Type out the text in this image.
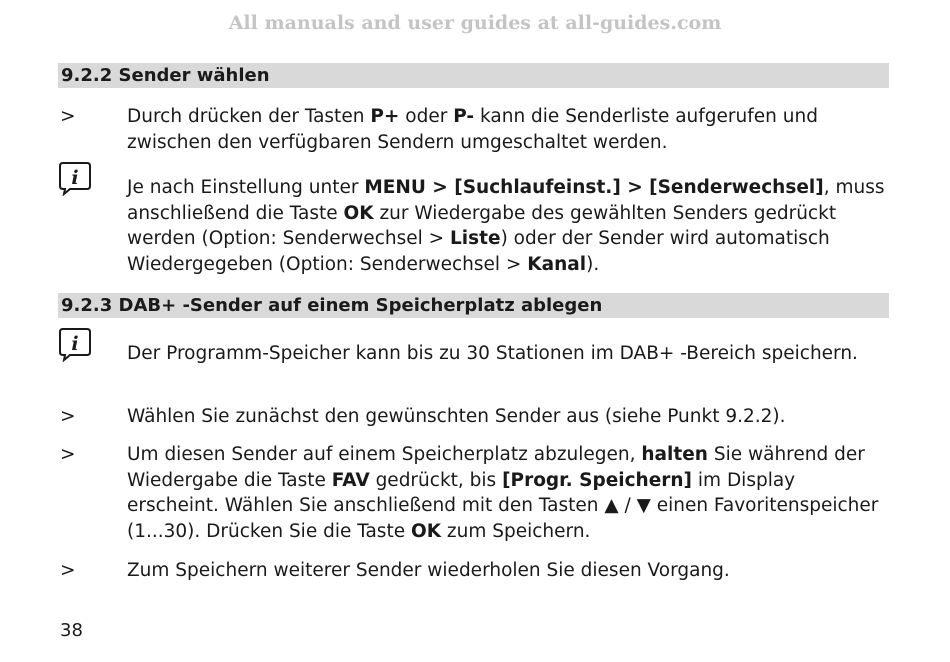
All manuals and user guides at all-guides.com
9.2.2 Sender wählen
>	Durch drücken der Tasten P+ oder P- kann die Senderliste aufgerufen und zwischen den verfügbaren Sendern umgeschaltet werden.
i	Je nach Einstellung unter MENU > [Suchlaufeinst.] > [Senderwechsel], muss anschließend die Taste OK zur Wiedergabe des gewählten Senders gedrückt werden (Option: Senderwechsel > Liste) oder der Sender wird automatisch Wiedergegeben (Option: Senderwechsel > Kanal).
9.2.3 DAB+ -Sender auf einem Speicherplatz ablegen
i	Der Programm-Speicher kann bis zu 30 Stationen im DAB+ -Bereich speichern.
>	Wählen Sie zunächst den gewünschten Sender aus (siehe Punkt 9.2.2).
>	Um diesen Sender auf einem Speicherplatz abzulegen, halten Sie während der Wiedergabe die Taste FAV gedrückt, bis [Progr. Speichern] im Display erscheint. Wählen Sie anschließend mit den Tasten ▲ / ▼ einen Favoritenspeicher (1...30). Drücken Sie die Taste OK zum Speichern.
>	Zum Speichern weiterer Sender wiederholen Sie diesen Vorgang.
38
